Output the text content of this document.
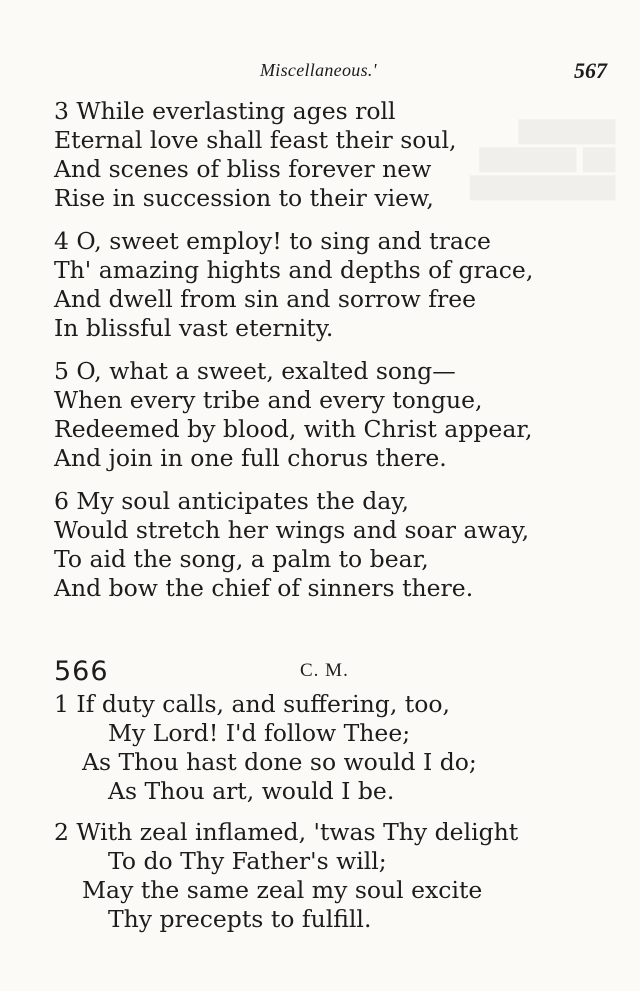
Miscellaneous.'	567
3 While everlasting ages roll
Eternal love shall feast their soul,
And scenes of bliss forever new
Rise in succession to their view,
4 O, sweet employ! to sing and trace
Th' amazing hights and depths of grace,
And dwell from sin and sorrow free
In blissful vast eternity.
5 O, what a sweet, exalted song—
When every tribe and every tongue,
Redeemed by blood, with Christ appear,
And join in one full chorus there.
6 My soul anticipates the day,
Would stretch her wings and soar away,
To aid the song, a palm to bear,
And bow the chief of sinners there.
566	C. M.
1 If duty calls, and suffering, too,
My Lord! I'd follow Thee;
As Thou hast done so would I do;
As Thou art, would I be.
2 With zeal inflamed, 'twas Thy delight
To do Thy Father's will;
May the same zeal my soul excite
Thy precepts to fulfill.
